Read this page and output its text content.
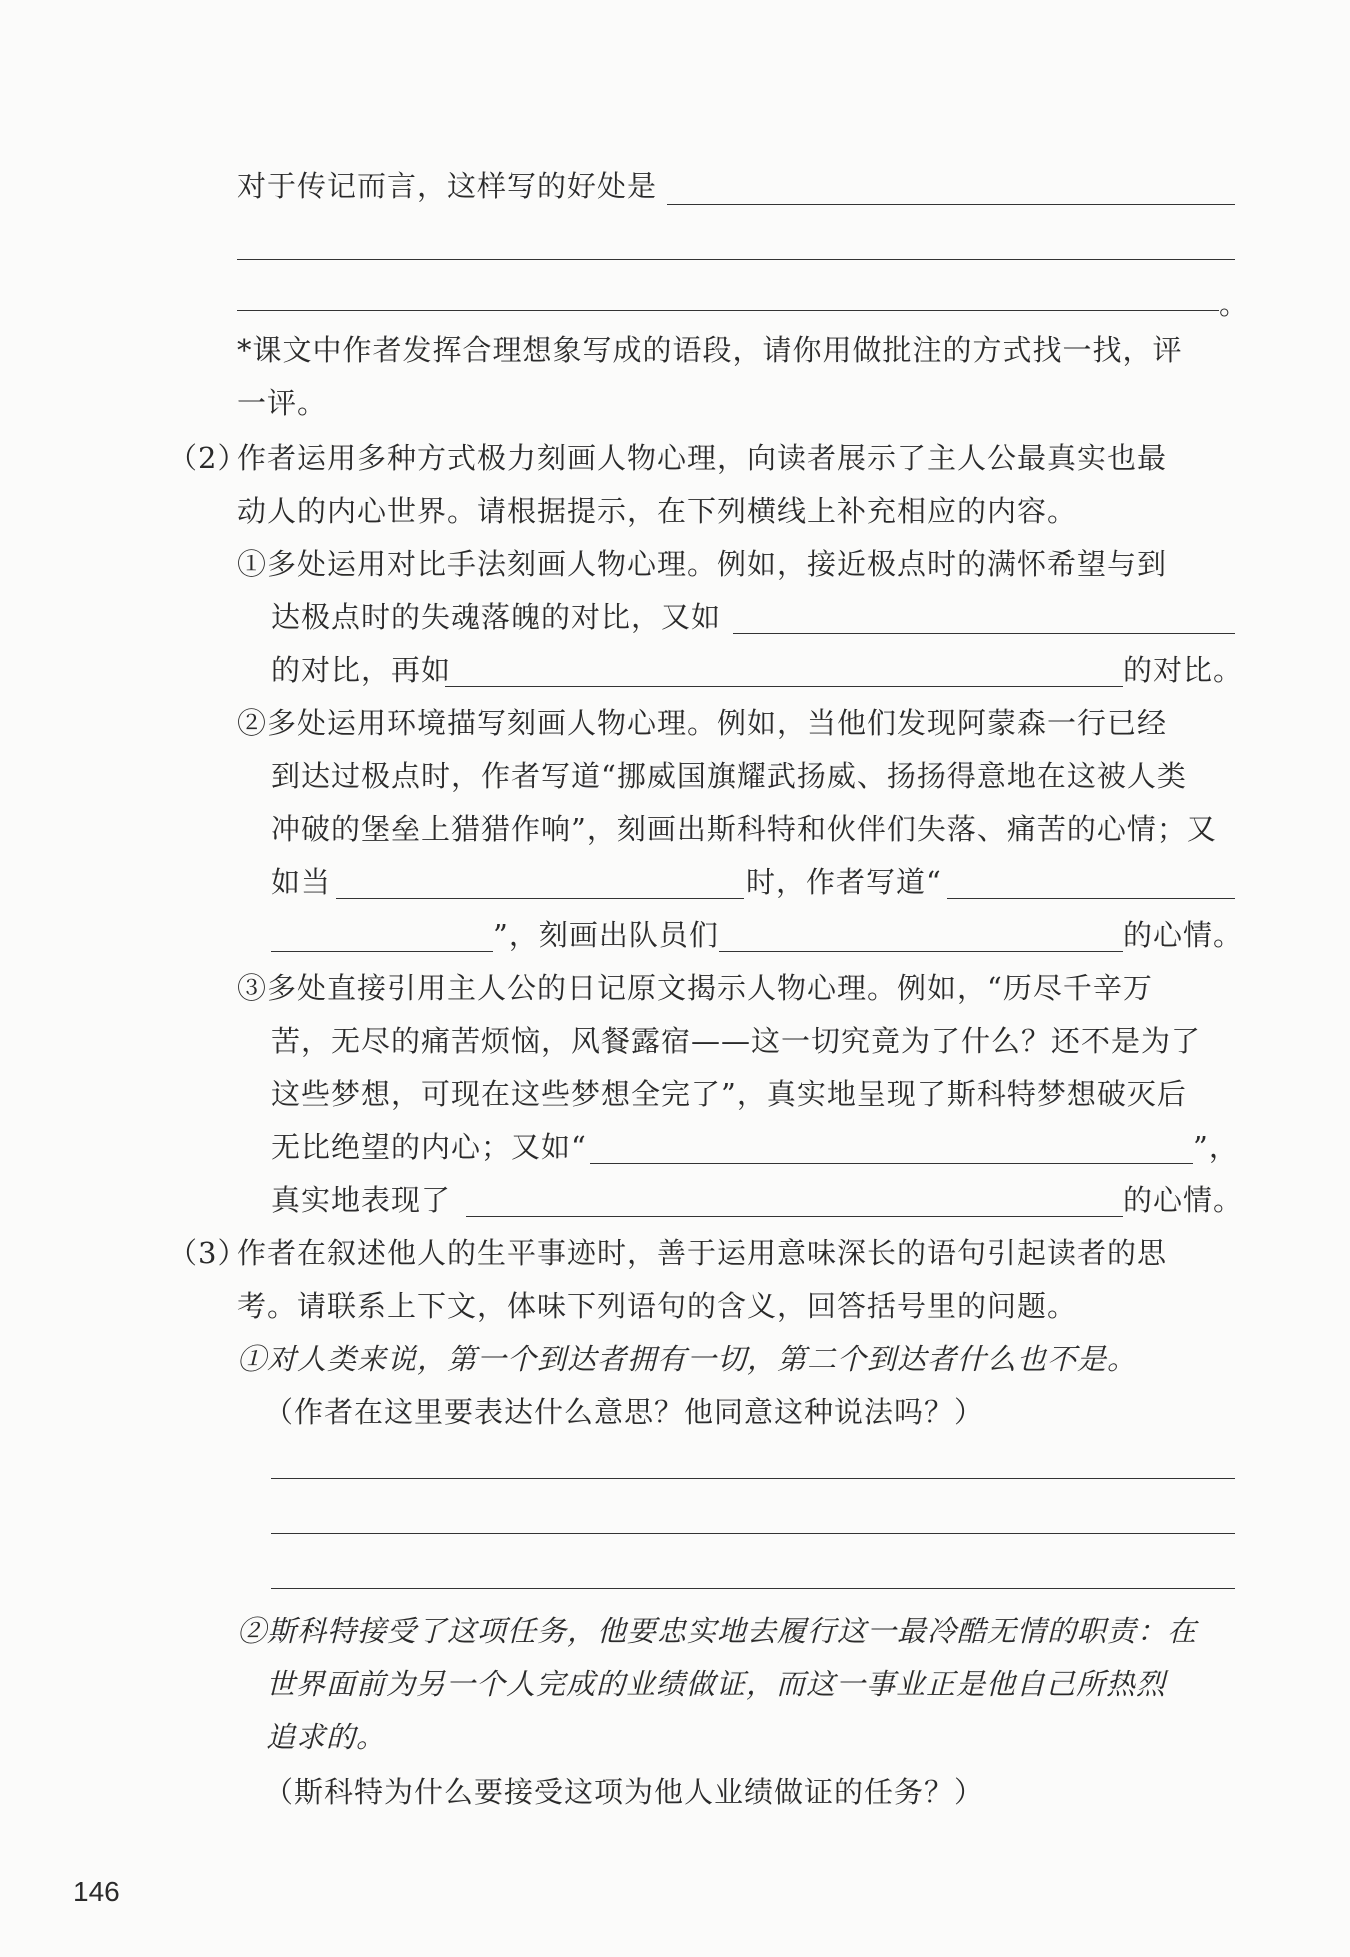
对于传记而言，这样写的好处是
。
*课文中作者发挥合理想象写成的语段，请你用做批注的方式找一找，评
一评。
（2）
作者运用多种方式极力刻画人物心理，向读者展示了主人公最真实也最
动人的内心世界。请根据提示，在下列横线上补充相应的内容。
①多处运用对比手法刻画人物心理。例如，接近极点时的满怀希望与到
达极点时的失魂落魄的对比，又如
的对比，再如	的对比。
②多处运用环境描写刻画人物心理。例如，当他们发现阿蒙森一行已经
到达过极点时，作者写道“挪威国旗耀武扬威、扬扬得意地在这被人类
冲破的堡垒上猎猎作响”，刻画出斯科特和伙伴们失落、痛苦的心情；又
如当	时，作者写道“
”，刻画出队员们	的心情。
③多处直接引用主人公的日记原文揭示人物心理。例如，“历尽千辛万
苦，无尽的痛苦烦恼，风餐露宿——这一切究竟为了什么？还不是为了
这些梦想，可现在这些梦想全完了”，真实地呈现了斯科特梦想破灭后
无比绝望的内心；又如“	”，
真实地表现了	的心情。
（3）
作者在叙述他人的生平事迹时，善于运用意味深长的语句引起读者的思
考。请联系上下文，体味下列语句的含义，回答括号里的问题。
①对人类来说，第一个到达者拥有一切，第二个到达者什么也不是。
（作者在这里要表达什么意思？他同意这种说法吗？）
②斯科特接受了这项任务，他要忠实地去履行这一最冷酷无情的职责：在
世界面前为另一个人完成的业绩做证，而这一事业正是他自己所热烈
追求的。
（斯科特为什么要接受这项为他人业绩做证的任务？）
146
